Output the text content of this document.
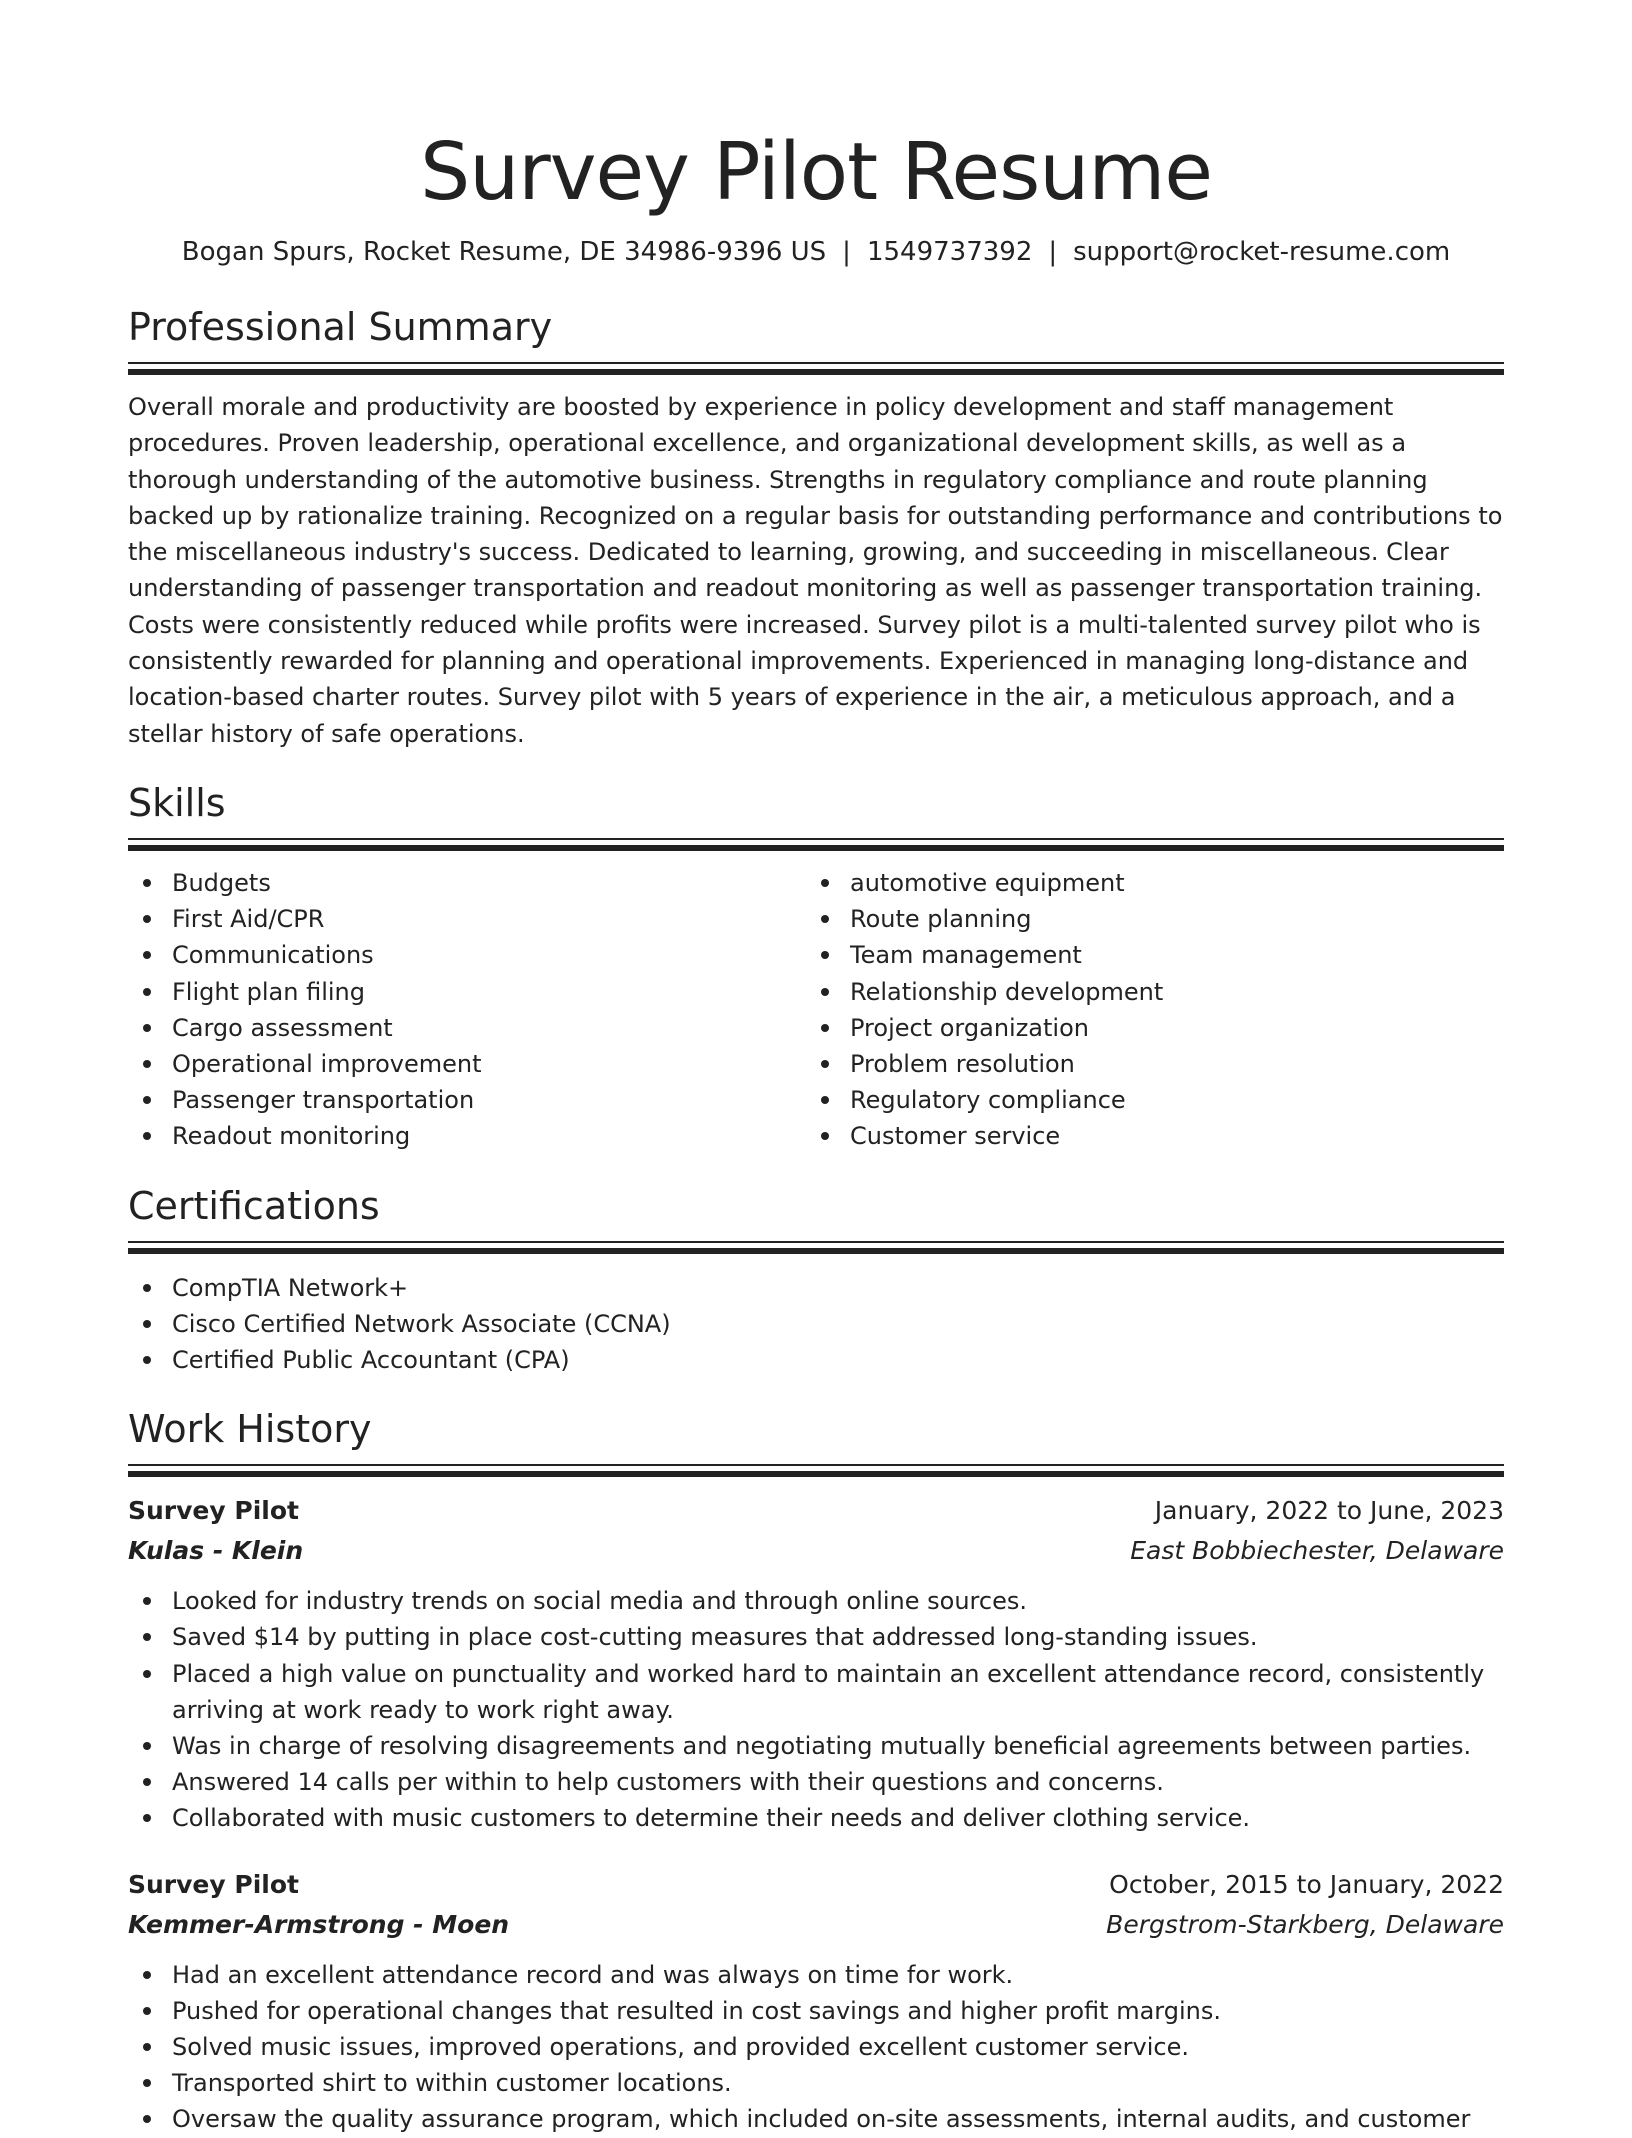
Survey Pilot Resume
Bogan Spurs, Rocket Resume, DE 34986-9396 US | 1549737392 | support@rocket-resume.com
Professional Summary

Overall morale and productivity are boosted by experience in policy development and staff management procedures. Proven leadership, operational excellence, and organizational development skills, as well as a thorough understanding of the automotive business. Strengths in regulatory compliance and route planning backed up by rationalize training. Recognized on a regular basis for outstanding performance and contributions to the miscellaneous industry's success. Dedicated to learning, growing, and succeeding in miscellaneous. Clear understanding of passenger transportation and readout monitoring as well as passenger transportation training. Costs were consistently reduced while profits were increased. Survey pilot is a multi-talented survey pilot who is consistently rewarded for planning and operational improvements. Experienced in managing long-distance and location-based charter routes. Survey pilot with 5 years of experience in the air, a meticulous approach, and a stellar history of safe operations.

Skills
Budgets
First Aid/CPR
Communications
Flight plan filing
Cargo assessment
Operational improvement
Passenger transportation
Readout monitoring
automotive equipment
Route planning
Team management
Relationship development
Project organization
Problem resolution
Regulatory compliance
Customer service
Certifications
CompTIA Network+
Cisco Certified Network Associate (CCNA)
Certified Public Accountant (CPA)
Work History
Survey Pilot	January, 2022 to June, 2023
Kulas - Klein	East Bobbiechester, Delaware
Looked for industry trends on social media and through online sources.
Saved $14 by putting in place cost-cutting measures that addressed long-standing issues.
Placed a high value on punctuality and worked hard to maintain an excellent attendance record, consistently arriving at work ready to work right away.
Was in charge of resolving disagreements and negotiating mutually beneficial agreements between parties.
Answered 14 calls per within to help customers with their questions and concerns.
Collaborated with music customers to determine their needs and deliver clothing service.
Survey Pilot	October, 2015 to January, 2022
Kemmer-Armstrong - Moen	Bergstrom-Starkberg, Delaware
Had an excellent attendance record and was always on time for work.
Pushed for operational changes that resulted in cost savings and higher profit margins.
Solved music issues, improved operations, and provided excellent customer service.
Transported shirt to within customer locations.
Oversaw the quality assurance program, which included on-site assessments, internal audits, and customer
